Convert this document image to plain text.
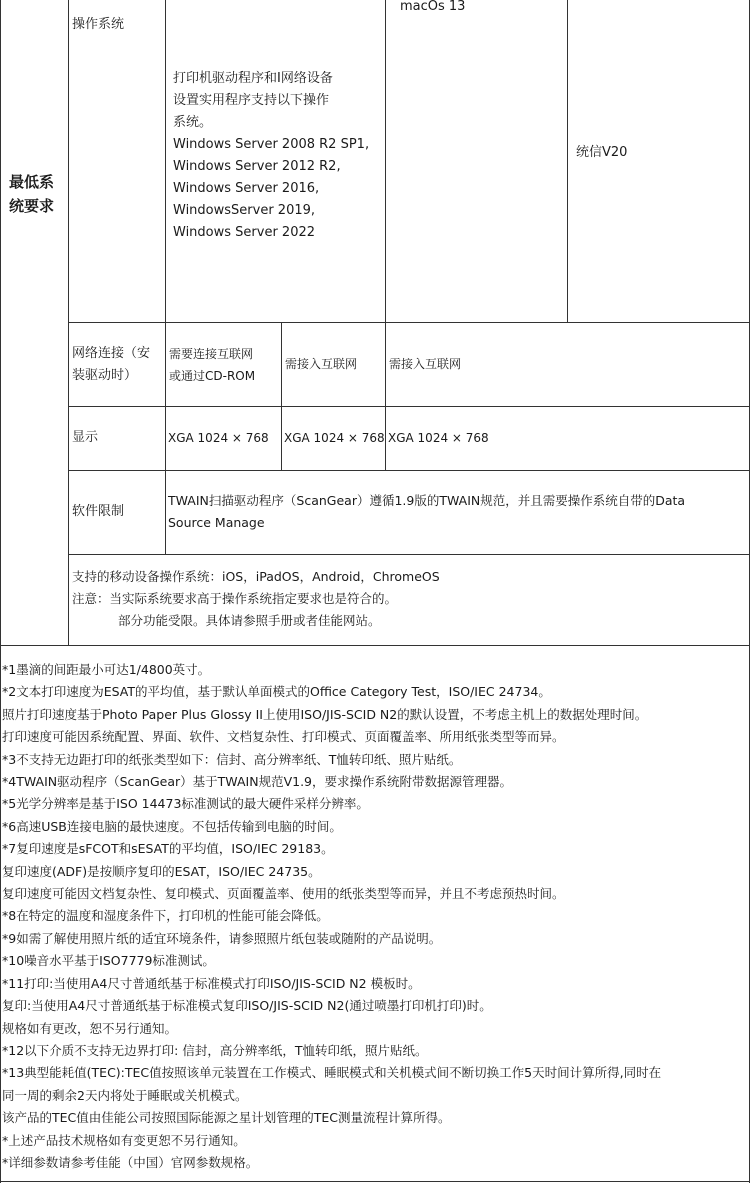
最低系
统要求
操作系统
macOs 13
打印机驱动程序和I网络设备
设置实用程序支持以下操作
系统。
Windows Server 2008 R2 SP1,
Windows Server 2012 R2,
Windows Server 2016,
WindowsServer 2019,
Windows Server 2022
统信V20
网络连接（安
装驱动时）
需要连接互联网
或通过CD-ROM
需接入互联网	需接入互联网
显示	XGA 1024 × 768 XGA 1024 × 768 XGA 1024 × 768
软件限制
TWAIN扫描驱动程序（ScanGear）遵循1.9版的TWAIN规范，并且需要操作系统自带的Data
Source Manage
支持的移动设备操作系统：iOS，iPadOS，Android，ChromeOS
注意：当实际系统要求高于操作系统指定要求也是符合的。
部分功能受限。具体请参照手册或者佳能网站。
*1墨滴的间距最小可达1/4800英寸。
*2文本打印速度为ESAT的平均值，基于默认单面模式的Office Category Test，ISO/IEC 24734。
照片打印速度基于Photo Paper Plus Glossy II上使用ISO/JIS-SCID N2的默认设置，不考虑主机上的数据处理时间。
打印速度可能因系统配置、界面、软件、文档复杂性、打印模式、页面覆盖率、所用纸张类型等而异。
*3不支持无边距打印的纸张类型如下：信封、高分辨率纸、T恤转印纸、照片贴纸。
*4TWAIN驱动程序（ScanGear）基于TWAIN规范V1.9，要求操作系统附带数据源管理器。
*5光学分辨率是基于ISO 14473标准测试的最大硬件采样分辨率。
*6高速USB连接电脑的最快速度。不包括传输到电脑的时间。
*7复印速度是sFCOT和sESAT的平均值，ISO/IEC 29183。
复印速度(ADF)是按顺序复印的ESAT，ISO/IEC 24735。
复印速度可能因文档复杂性、复印模式、页面覆盖率、使用的纸张类型等而异，并且不考虑预热时间。
*8在特定的温度和湿度条件下，打印机的性能可能会降低。
*9如需了解使用照片纸的适宜环境条件，请参照照片纸包装或随附的产品说明。
*10噪音水平基于ISO7779标准测试。
*11打印:当使用A4尺寸普通纸基于标准模式打印ISO/JIS-SCID N2 模板时。
复印:当使用A4尺寸普通纸基于标准模式复印ISO/JIS-SCID N2(通过喷墨打印机打印)时。
规格如有更改，恕不另行通知。
*12以下介质不支持无边界打印: 信封，高分辨率纸，T恤转印纸，照片贴纸。
*13典型能耗值(TEC):TEC值按照该单元装置在工作模式、睡眠模式和关机模式间不断切换工作5天时间计算所得,同时在
同一周的剩余2天内将处于睡眠或关机模式。
该产品的TEC值由佳能公司按照国际能源之星计划管理的TEC测量流程计算所得。
*上述产品技术规格如有变更恕不另行通知。
*详细参数请参考佳能（中国）官网参数规格。
